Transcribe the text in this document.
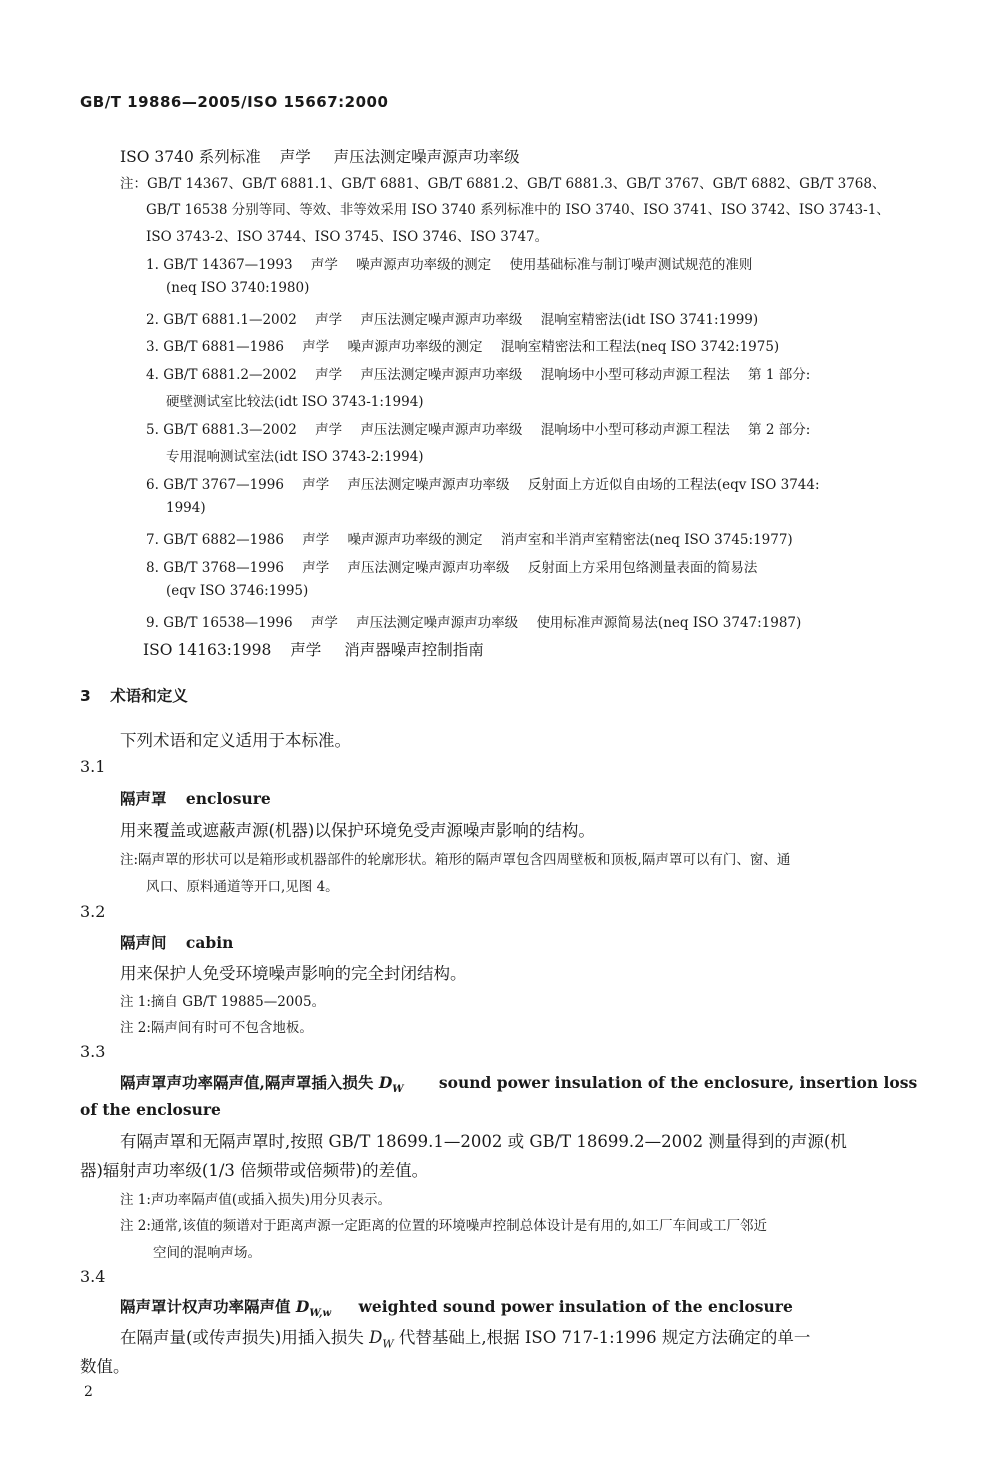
GB/T 19886—2005/ISO 15667:2000
ISO 3740 系列标准 声学 声压法测定噪声源声功率级
注：GB/T 14367、GB/T 6881.1、GB/T 6881、GB/T 6881.2、GB/T 6881.3、GB/T 3767、GB/T 6882、GB/T 3768、
GB/T 16538 分别等同、等效、非等效采用 ISO 3740 系列标准中的 ISO 3740、ISO 3741、ISO 3742、ISO 3743-1、
ISO 3743-2、ISO 3744、ISO 3745、ISO 3746、ISO 3747。
1. GB/T 14367—1993 声学 噪声源声功率级的测定 使用基础标准与制订噪声测试规范的准则
(neq ISO 3740:1980)
2. GB/T 6881.1—2002 声学 声压法测定噪声源声功率级 混响室精密法(idt ISO 3741:1999)
3. GB/T 6881—1986 声学 噪声源声功率级的测定 混响室精密法和工程法(neq ISO 3742:1975)
4. GB/T 6881.2—2002 声学 声压法测定噪声源声功率级 混响场中小型可移动声源工程法 第 1 部分:
硬壁测试室比较法(idt ISO 3743-1:1994)
5. GB/T 6881.3—2002 声学 声压法测定噪声源声功率级 混响场中小型可移动声源工程法 第 2 部分:
专用混响测试室法(idt ISO 3743-2:1994)
6. GB/T 3767—1996 声学 声压法测定噪声源声功率级 反射面上方近似自由场的工程法(eqv ISO 3744:
1994)
7. GB/T 6882—1986 声学 噪声源声功率级的测定 消声室和半消声室精密法(neq ISO 3745:1977)
8. GB/T 3768—1996 声学 声压法测定噪声源声功率级 反射面上方采用包络测量表面的简易法
(eqv ISO 3746:1995)
9. GB/T 16538—1996 声学 声压法测定噪声源声功率级 使用标准声源简易法(neq ISO 3747:1987)
ISO 14163:1998 声学 消声器噪声控制指南
3 术语和定义
下列术语和定义适用于本标准。
3.1
隔声罩 enclosure
用来覆盖或遮蔽声源(机器)以保护环境免受声源噪声影响的结构。
注:隔声罩的形状可以是箱形或机器部件的轮廓形状。箱形的隔声罩包含四周壁板和顶板,隔声罩可以有门、窗、通
风口、原料通道等开口,见图 4。
3.2
隔声间 cabin
用来保护人免受环境噪声影响的完全封闭结构。
注 1:摘自 GB/T 19885—2005。
注 2:隔声间有时可不包含地板。
3.3
隔声罩声功率隔声值,隔声罩插入损失 $D_W$ sound power insulation of the enclosure, insertion loss
of the enclosure
有隔声罩和无隔声罩时,按照 GB/T 18699.1—2002 或 GB/T 18699.2—2002 测量得到的声源(机
器)辐射声功率级(1/3 倍频带或倍频带)的差值。
注 1:声功率隔声值(或插入损失)用分贝表示。
注 2:通常,该值的频谱对于距离声源一定距离的位置的环境噪声控制总体设计是有用的,如工厂车间或工厂邻近
空间的混响声场。
3.4
隔声罩计权声功率隔声值 $D_{W,w}$ weighted sound power insulation of the enclosure
在隔声量(或传声损失)用插入损失 $D_W$ 代替基础上,根据 ISO 717-1:1996 规定方法确定的单一
数值。
2
